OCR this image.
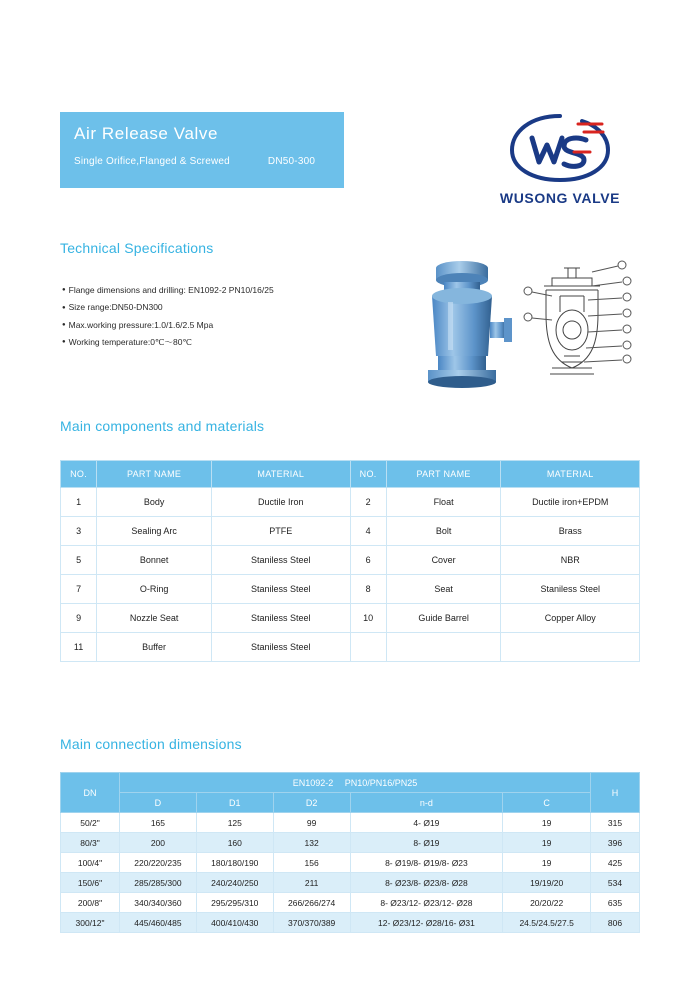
Air Release Valve
Single Orifice,Flanged & Screwed	DN50-300
WUSONG VALVE
Technical Specifications
● Flange dimensions and drilling: EN1092-2 PN10/16/25
● Size range:DN50-DN300
● Max.working pressure:1.0/1.6/2.5 Mpa
● Working temperature:0℃～80℃
Main components and materials
NO.	PART NAME	MATERIAL	NO.	PART NAME	MATERIAL
1	Body	Ductile Iron	2	Float	Ductile iron+EPDM
3	Sealing Arc	PTFE	4	Bolt	Brass
5	Bonnet	Staniless Steel	6	Cover	NBR
7	O-Ring	Staniless Steel	8	Seat	Staniless Steel
9	Nozzle Seat	Staniless Steel	10	Guide Barrel	Copper Alloy
11	Buffer	Staniless Steel			
Main connection dimensions
DN	EN1092-2　 PN10/PN16/PN25					H
	D	D1	D2	n-d	C	
50/2"	165	125	99	4- Ø19	19	315
80/3"	200	160	132	8- Ø19	19	396
100/4"	220/220/235	180/180/190	156	8- Ø19/8- Ø19/8- Ø23	19	425
150/6"	285/285/300	240/240/250	211	8- Ø23/8- Ø23/8- Ø28	19/19/20	534
200/8"	340/340/360	295/295/310	266/266/274	8- Ø23/12- Ø23/12- Ø28	20/20/22	635
300/12"	445/460/485	400/410/430	370/370/389	12- Ø23/12- Ø28/16- Ø31	24.5/24.5/27.5	806
